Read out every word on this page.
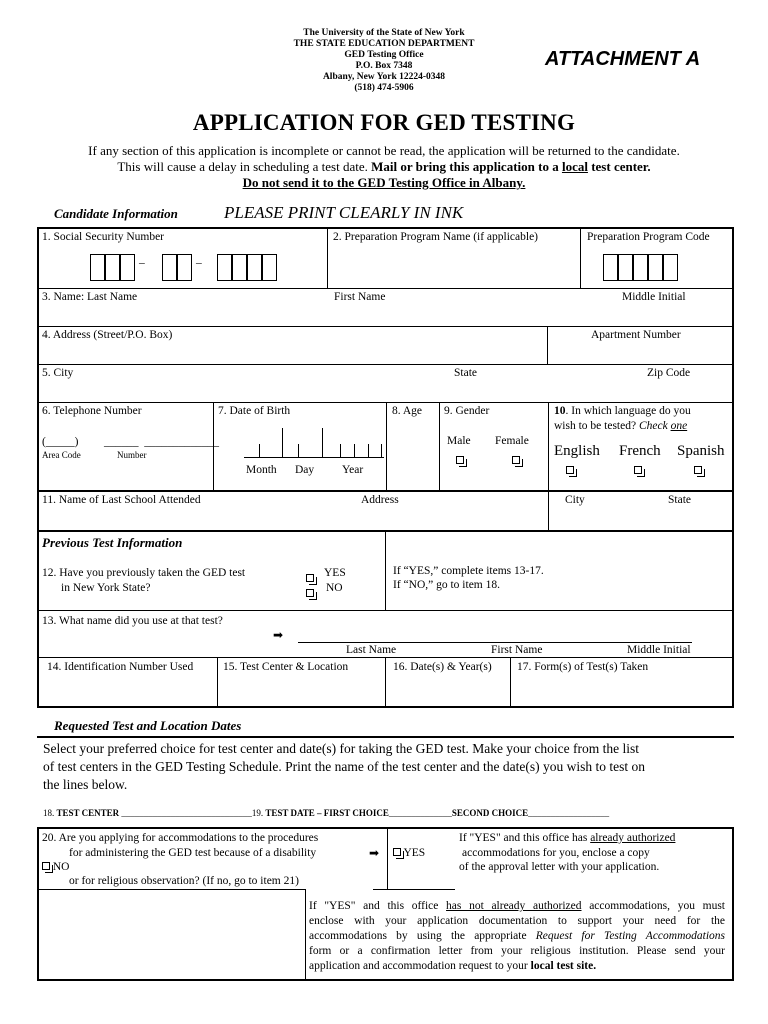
The University of the State of New York
THE STATE EDUCATION DEPARTMENT
GED Testing Office
P.O. Box 7348
Albany, New York 12224-0348
(518) 474-5906
ATTACHMENT A
APPLICATION FOR GED TESTING
If any section of this application is incomplete or cannot be read, the application will be returned to the candidate.
This will cause a delay in scheduling a test date. Mail or bring this application to a local test center.
Do not send it to the GED Testing Office in Albany.
Candidate Information	PLEASE PRINT CLEARLY IN INK
1. Social Security Number
–	–
2. Preparation Program Name (if applicable)	Preparation Program Code
3. Name: Last Name	First Name	Middle Initial
4. Address (Street/P.O. Box)	Apartment Number
5. City	State	Zip Code
6. Telephone Number
(_____) ______  _____________
Area Code	Number
7. Date of Birth
Month Day Year
8. Age 9. Gender
Male Female
10. In which language do you
wish to be tested? Check one
English French Spanish
11. Name of Last School Attended	Address	City	State
Previous Test Information
12. Have you previously taken the GED test
in New York State?
YES
NO
If “YES,” complete items 13-17.
If “NO,” go to item 18.
13. What name did you use at that test?
➡
Last Name	First Name	Middle Initial
14. Identification Number Used	15. Test Center & Location	16. Date(s) & Year(s) 17. Form(s) of Test(s) Taken
Requested Test and Location Dates
Select your preferred choice for test center and date(s) for taking the GED test. Make your choice from the list
of test centers in the GED Testing Schedule. Print the name of the test center and the date(s) you wish to test on
the lines below.
18. TEST CENTER _____________________________19. TEST DATE – FIRST CHOICE______________SECOND CHOICE__________________
20. Are you applying for accommodations to the procedures
for administering the GED test because of a disability
NO
or for religious observation? (If no, go to item 21)
➡	YES
If "YES" and this office has already authorized
accommodations for you, enclose a copy
of the approval letter with your application.
If "YES" and this office has not already authorized accommodations, you must
enclose with your application documentation to support your need for the
accommodations by using the appropriate Request for Testing Accommodations
form or a confirmation letter from your religious institution. Please send your
application and accommodation request to your local test site.
